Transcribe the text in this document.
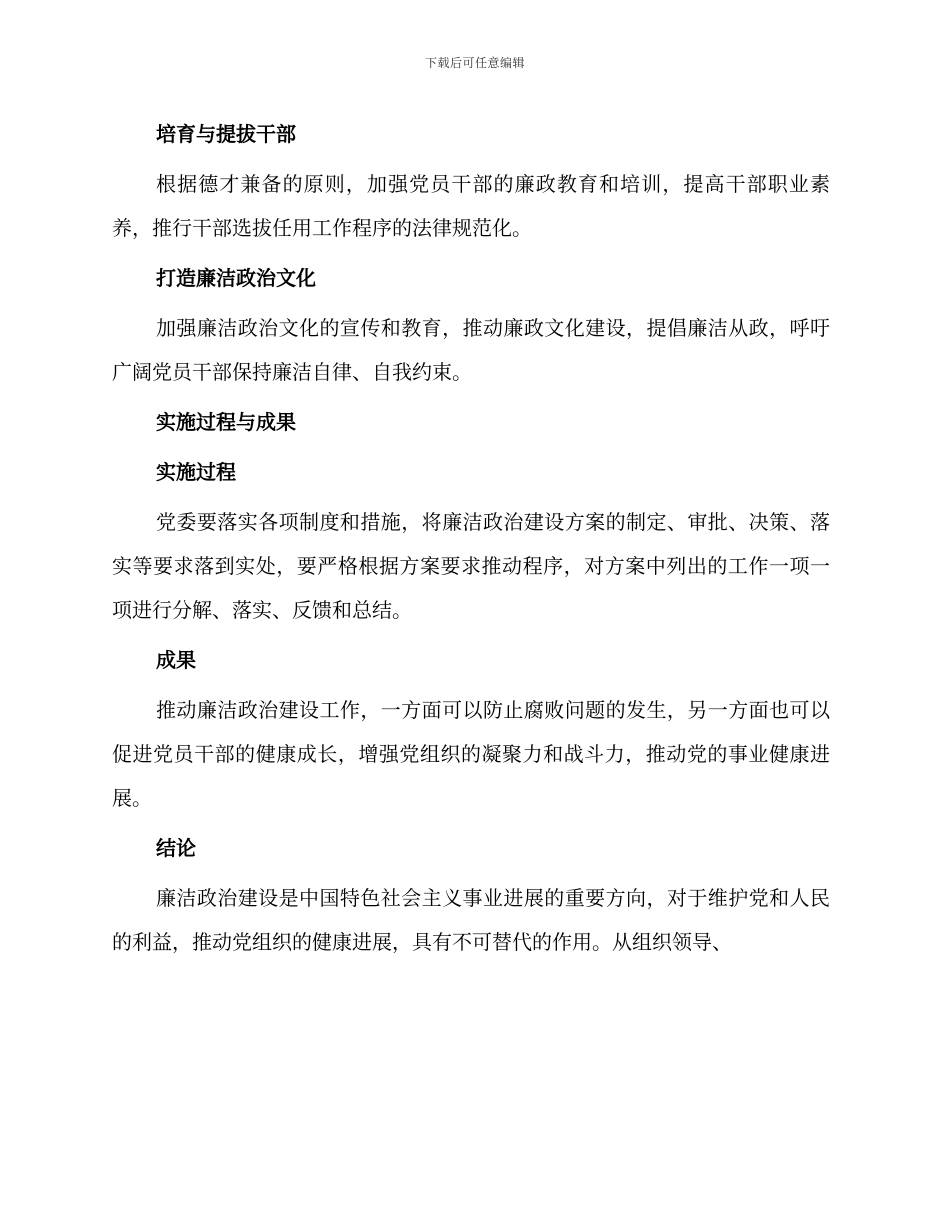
下载后可任意编辑
培育与提拔干部
根据德才兼备的原则，加强党员干部的廉政教育和培训，提高干部职业素养，推行干部选拔任用工作程序的法律规范化。
打造廉洁政治文化
加强廉洁政治文化的宣传和教育，推动廉政文化建设，提倡廉洁从政，呼吁广阔党员干部保持廉洁自律、自我约束。
实施过程与成果
实施过程
党委要落实各项制度和措施，将廉洁政治建设方案的制定、审批、决策、落实等要求落到实处，要严格根据方案要求推动程序，对方案中列出的工作一项一项进行分解、落实、反馈和总结。
成果
推动廉洁政治建设工作，一方面可以防止腐败问题的发生，另一方面也可以促进党员干部的健康成长，增强党组织的凝聚力和战斗力，推动党的事业健康进展。
结论
廉洁政治建设是中国特色社会主义事业进展的重要方向，对于维护党和人民的利益，推动党组织的健康进展，具有不可替代的作用。从组织领导、
